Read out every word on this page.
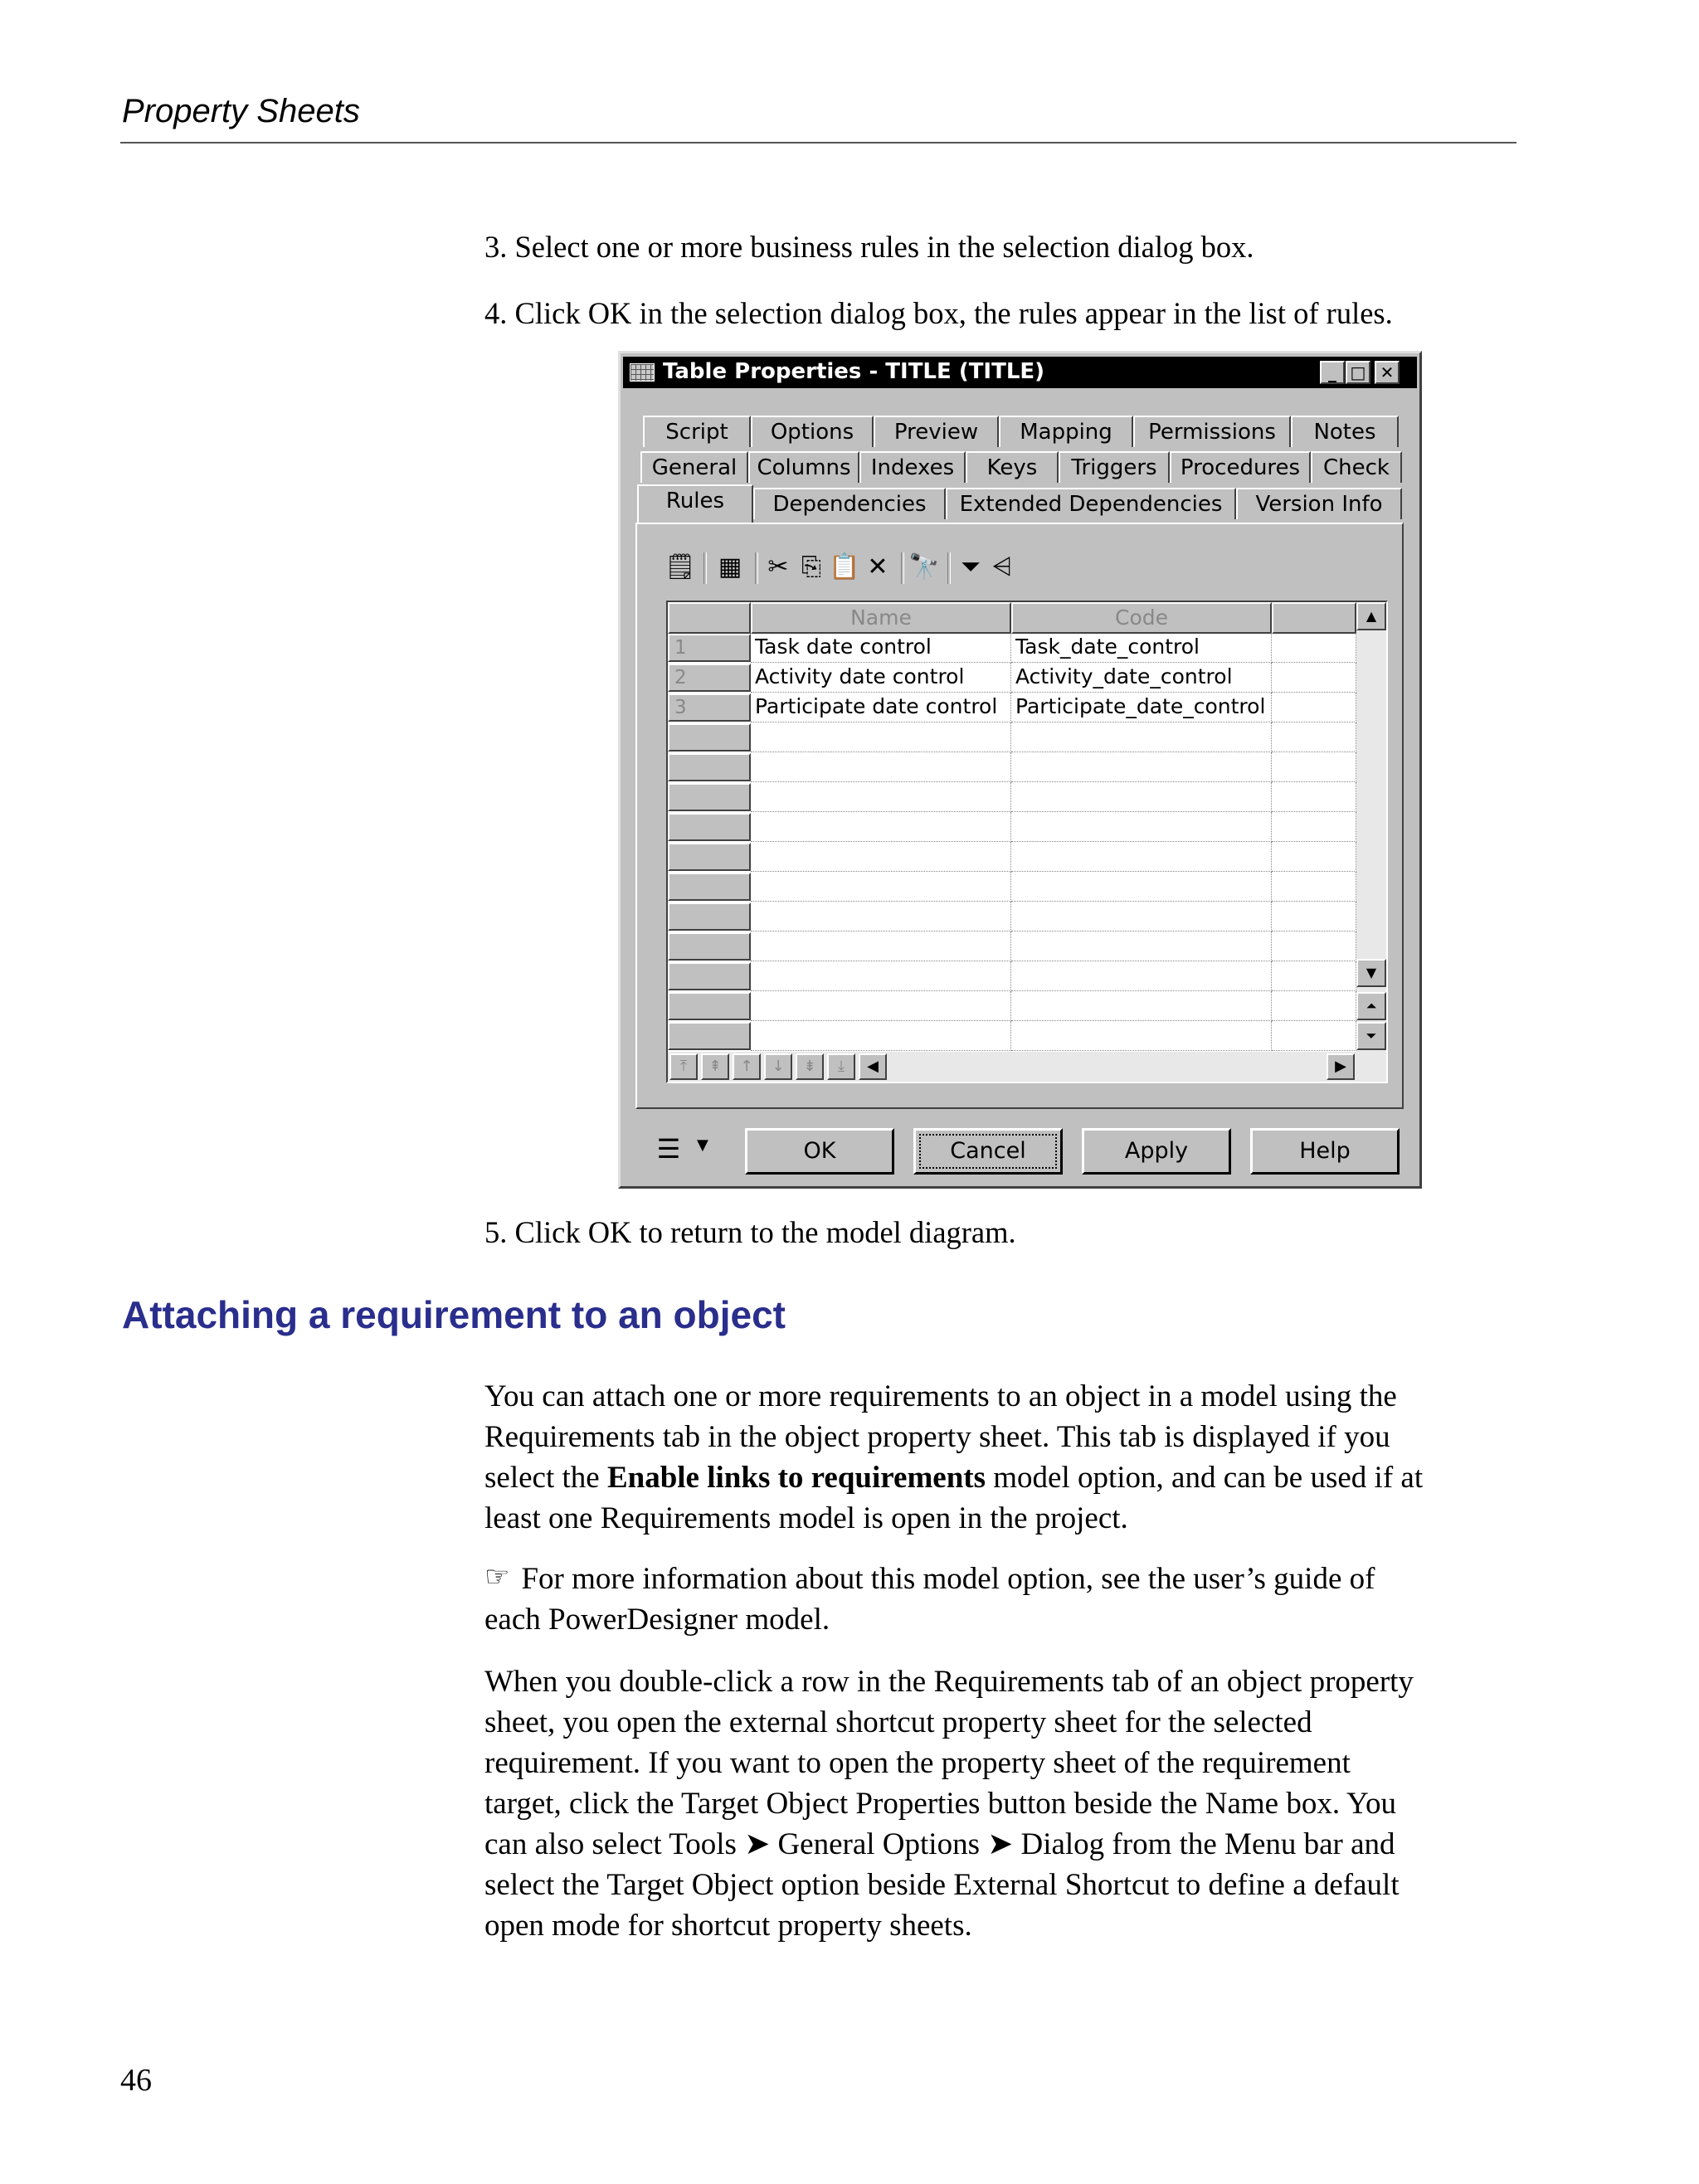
Property Sheets
3. Select one or more business rules in the selection dialog box.
4. Click OK in the selection dialog box, the rules appear in the list of rules.
Table Properties - TITLE (TITLE)	_ □ ✕
Script	Options	Preview	Mapping	Permissions	Notes
General Columns Indexes	Keys	Triggers	Procedures	Check
Rules	Dependencies	Extended Dependencies	Version Info
🗒 ▦ ✂ ⎘ 📋 ✕ 🔭 ⏷ ⩤
Name	Code
1	Task date control	Task_date_control
2	Activity date control	Activity_date_control
3	Participate date control Participate_date_control
▲
▼
⏶
⏷
⤒	⇞	↑	↓	⇟	⤓	◀	▶
☰	▼	OK	Cancel	Apply	Help
5. Click OK to return to the model diagram.
Attaching a requirement to an object
You can attach one or more requirements to an object in a model using the
Requirements tab in the object property sheet. This tab is displayed if you
select the Enable links to requirements model option, and can be used if at
least one Requirements model is open in the project.
☞ For more information about this model option, see the user’s guide of
each PowerDesigner model.
When you double-click a row in the Requirements tab of an object property
sheet, you open the external shortcut property sheet for the selected
requirement. If you want to open the property sheet of the requirement
target, click the Target Object Properties button beside the Name box. You
can also select Tools ➤ General Options ➤ Dialog from the Menu bar and
select the Target Object option beside External Shortcut to define a default
open mode for shortcut property sheets.
46
